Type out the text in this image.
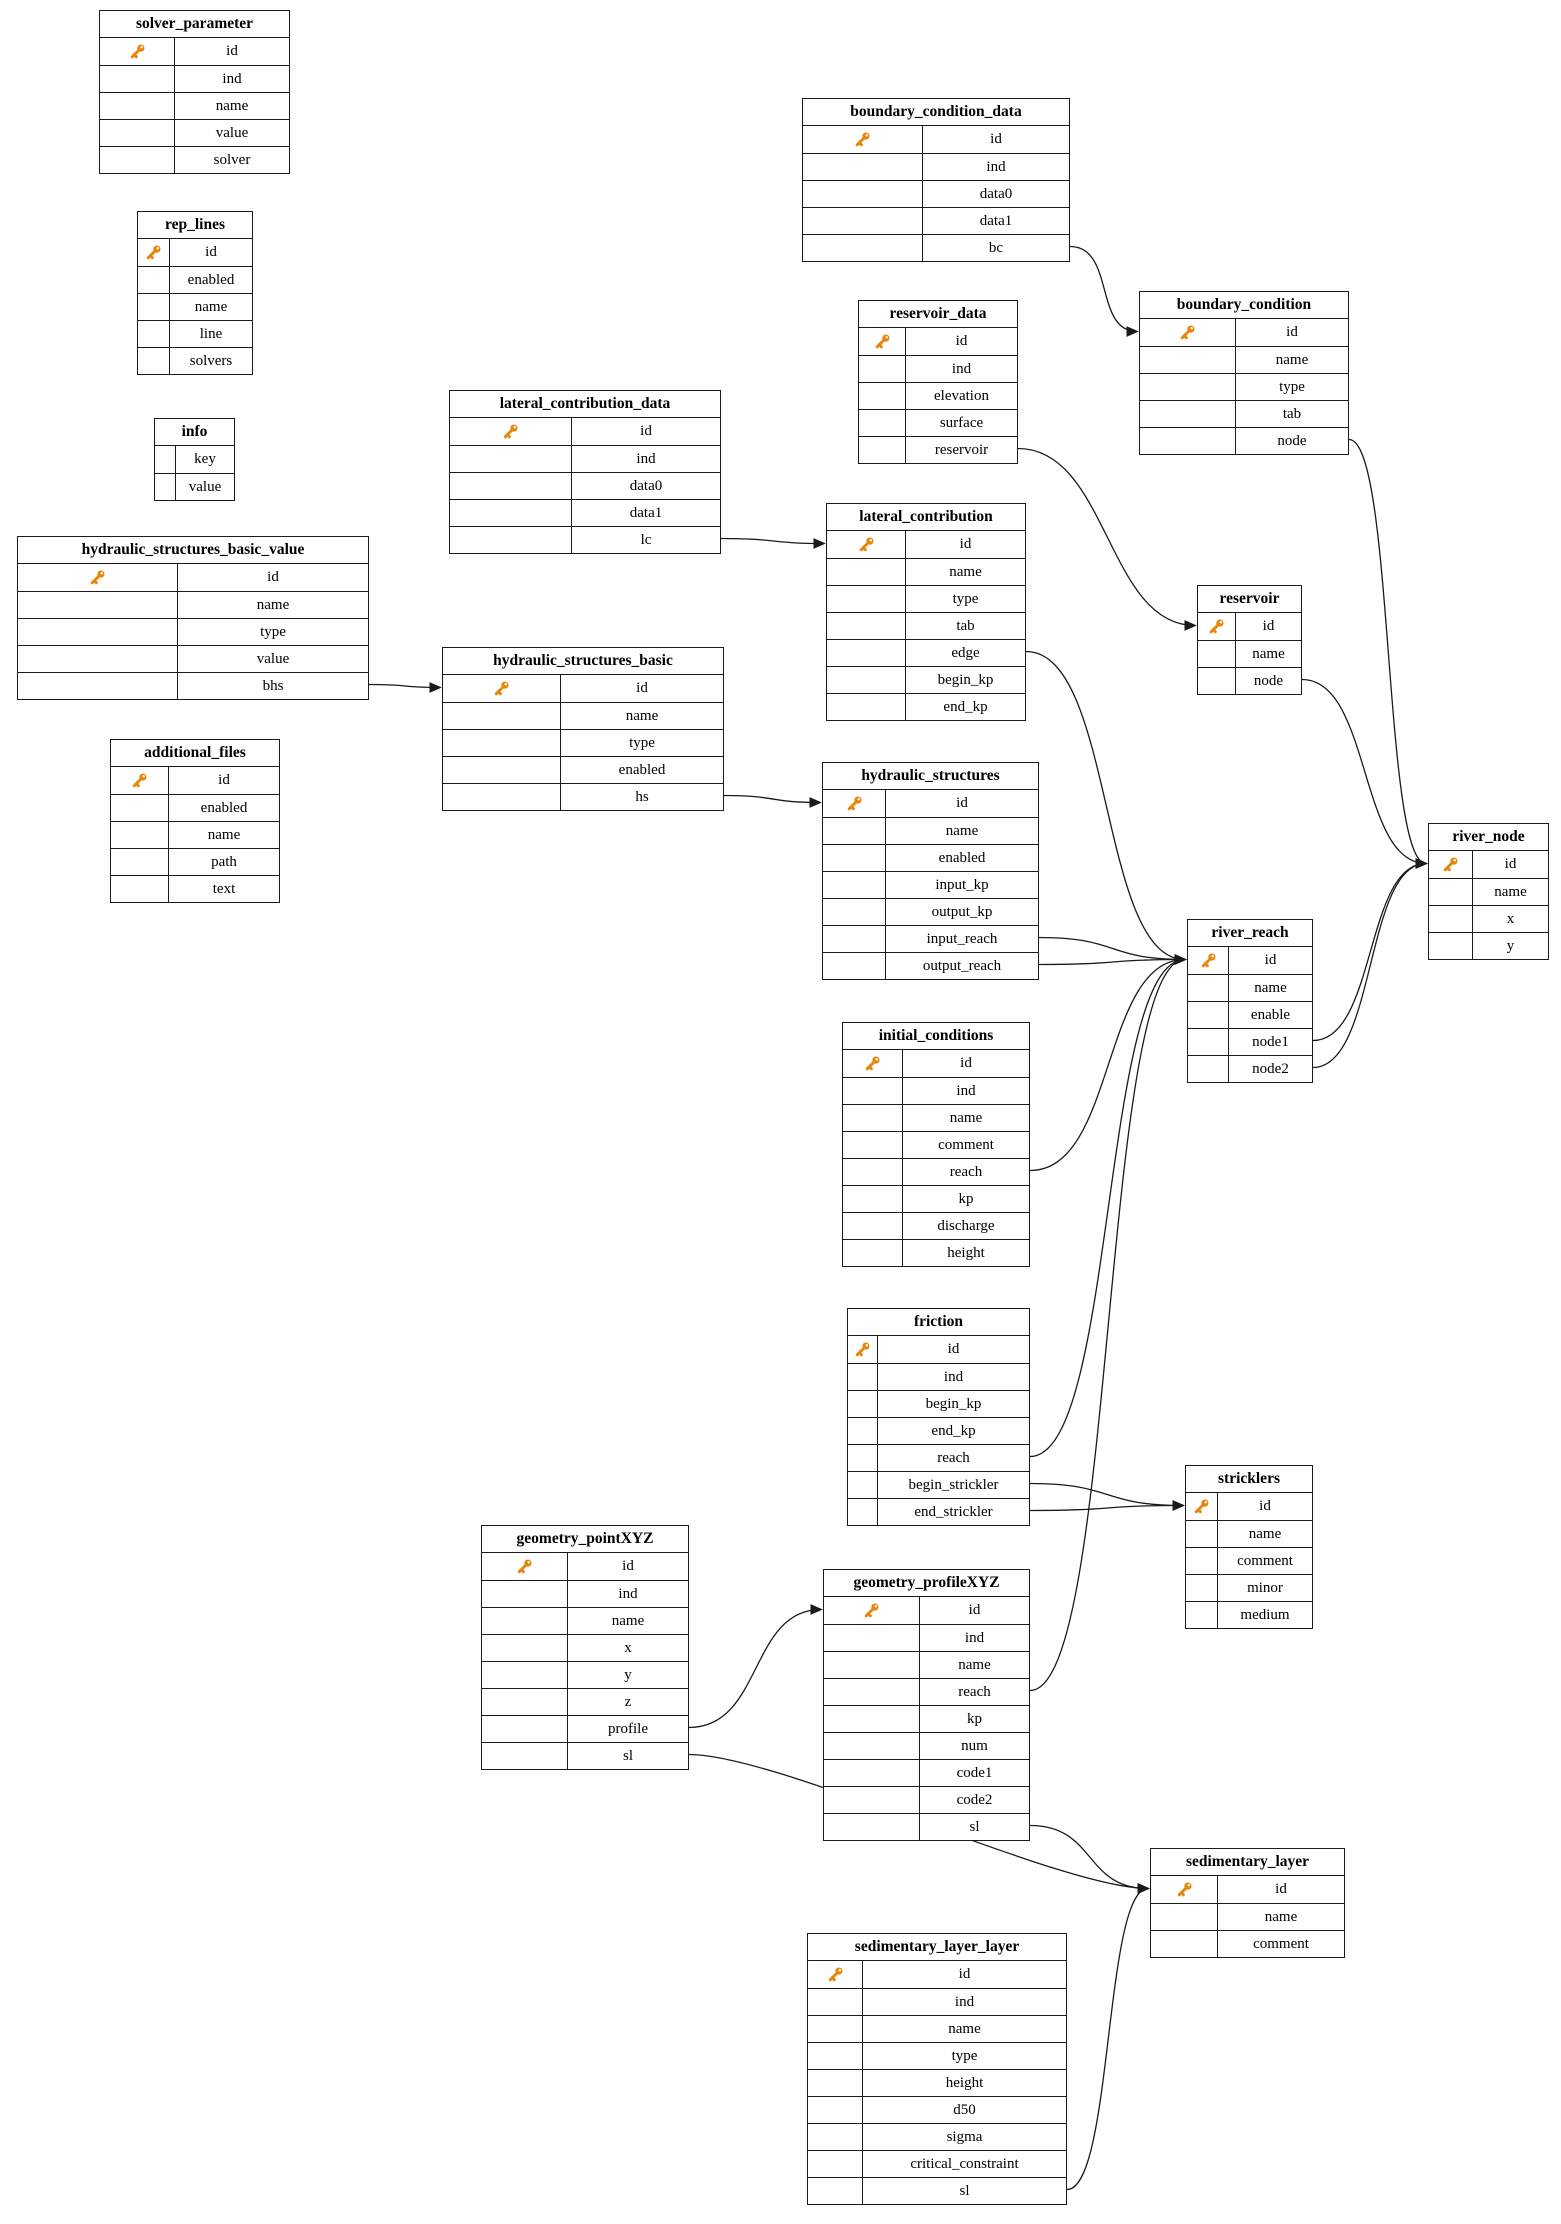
solver_parameter
id
ind
name
value
solver
rep_lines
id
enabled
name
line
solvers
info
key
value
hydraulic_structures_basic_value
id
name
type
value
bhs
additional_files
id
enabled
name
path
text
lateral_contribution_data
id
ind
data0
data1
lc
hydraulic_structures_basic
id
name
type
enabled
hs
boundary_condition_data
id
ind
data0
data1
bc
reservoir_data
id
ind
elevation
surface
reservoir
lateral_contribution
id
name
type
tab
edge
begin_kp
end_kp
hydraulic_structures
id
name
enabled
input_kp
output_kp
input_reach
output_reach
initial_conditions
id
ind
name
comment
reach
kp
discharge
height
friction
id
ind
begin_kp
end_kp
reach
begin_strickler
end_strickler
geometry_pointXYZ
id
ind
name
x
y
z
profile
sl
geometry_profileXYZ
id
ind
name
reach
kp
num
code1
code2
sl
sedimentary_layer_layer
id
ind
name
type
height
d50
sigma
critical_constraint
sl
boundary_condition
id
name
type
tab
node
reservoir
id
name
node
river_reach
id
name
enable
node1
node2
stricklers
id
name
comment
minor
medium
sedimentary_layer
id
name
comment
river_node
id
name
x
y
